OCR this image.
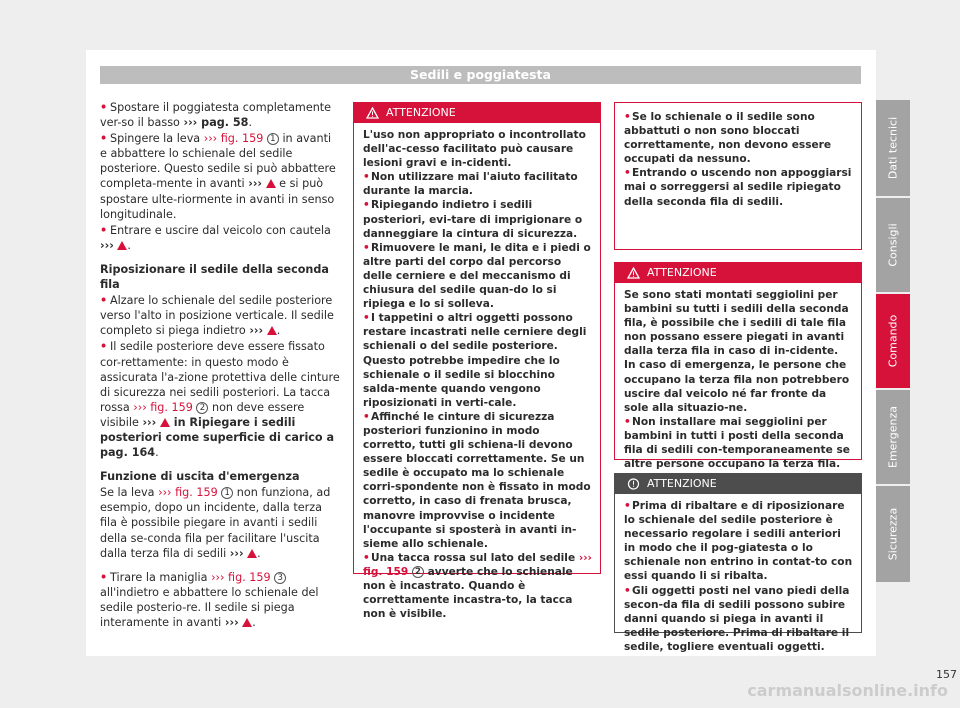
Sedili e poggiatesta
• Spostare il poggiatesta completamente ver-so il basso ››› pag. 58.
• Spingere la leva ››› fig. 159 1 in avanti e abbattere lo schienale del sedile posteriore. Questo sedile si può abbattere completa-mente in avanti ›››  e si può spostare ulte-riormente in avanti in senso longitudinale.
• Entrare e uscire dal veicolo con cautela ››› .
Riposizionare il sedile della seconda fila
• Alzare lo schienale del sedile posteriore verso l'alto in posizione verticale. Il sedile completo si piega indietro ››› .
• Il sedile posteriore deve essere fissato cor-rettamente: in questo modo è assicurata l'a-zione protettiva delle cinture di sicurezza nei sedili posteriori. La tacca rossa ››› fig. 159 2 non deve essere visibile ›››  in Ripiegare i sedili posteriori come superficie di carico a pag. 164.
Funzione di uscita d'emergenza
Se la leva ››› fig. 159 1 non funziona, ad esempio, dopo un incidente, dalla terza fila è possibile piegare in avanti i sedili della se-conda fila per facilitare l'uscita dalla terza fila di sedili ››› .
• Tirare la maniglia ››› fig. 159 3 all'indietro e abbattere lo schienale del sedile posterio-re. Il sedile si piega interamente in avanti ››› .
ATTENZIONE
L'uso non appropriato o incontrollato dell'ac-cesso facilitato può causare lesioni gravi e in-cidenti.
•Non utilizzare mai l'aiuto facilitato durante la marcia.
•Ripiegando indietro i sedili posteriori, evi-tare di imprigionare o danneggiare la cintura di sicurezza.
•Rimuovere le mani, le dita e i piedi o altre parti del corpo dal percorso delle cerniere e del meccanismo di chiusura del sedile quan-do lo si ripiega e lo si solleva.
•I tappetini o altri oggetti possono restare incastrati nelle cerniere degli schienali o del sedile posteriore. Questo potrebbe impedire che lo schienale o il sedile si blocchino salda-mente quando vengono riposizionati in verti-cale.
•Affinché le cinture di sicurezza posteriori funzionino in modo corretto, tutti gli schiena-li devono essere bloccati correttamente. Se un sedile è occupato ma lo schienale corri-spondente non è fissato in modo corretto, in caso di frenata brusca, manovre improvvise o incidente l'occupante si sposterà in avanti in-sieme allo schienale.
•Una tacca rossa sul lato del sedile ››› fig. 159 2 avverte che lo schienale non è incastrato. Quando è correttamente incastra-to, la tacca non è visibile.
•Se lo schienale o il sedile sono abbattuti o non sono bloccati correttamente, non devono essere occupati da nessuno.
•Entrando o uscendo non appoggiarsi mai o sorreggersi al sedile ripiegato della seconda fila di sedili.
ATTENZIONE
Se sono stati montati seggiolini per bambini su tutti i sedili della seconda fila, è possibile che i sedili di tale fila non possano essere piegati in avanti dalla terza fila in caso di in-cidente. In caso di emergenza, le persone che occupano la terza fila non potrebbero uscire dal veicolo né far fronte da sole alla situazio-ne.
•Non installare mai seggiolini per bambini in tutti i posti della seconda fila di sedili con-temporaneamente se altre persone occupano la terza fila.
ATTENZIONE
•Prima di ribaltare e di riposizionare lo schienale del sedile posteriore è necessario regolare i sedili anteriori in modo che il pog-giatesta o lo schienale non entrino in contat-to con essi quando li si ribalta.
•Gli oggetti posti nel vano piedi della secon-da fila di sedili possono subire danni quando si piega in avanti il sedile posteriore. Prima di ribaltare il sedile, togliere eventuali oggetti.
157
Dati tecnici
Consigli
Comando
Emergenza
Sicurezza
carmanualsonline.info
